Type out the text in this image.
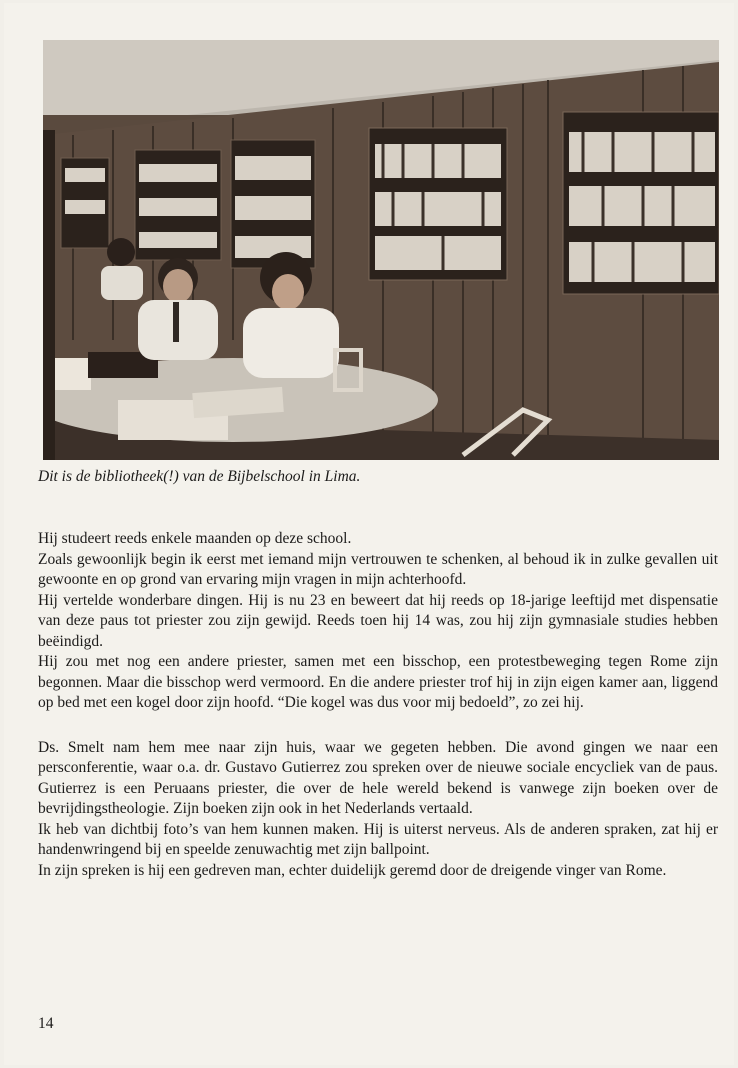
Dit is de bibliotheek(!) van de Bijbelschool in Lima.

Hij studeert reeds enkele maanden op deze school.

Zoals gewoonlijk begin ik eerst met iemand mijn vertrouwen te schenken, al behoud ik in zulke gevallen uit gewoonte en op grond van ervaring mijn vragen in mijn achterhoofd.

Hij vertelde wonderbare dingen. Hij is nu 23 en beweert dat hij reeds op 18-jarige leeftijd met dispensatie van deze paus tot priester zou zijn gewijd. Reeds toen hij 14 was, zou hij zijn gymnasiale studies hebben beëindigd.

Hij zou met nog een andere priester, samen met een bisschop, een protestbeweging tegen Rome zijn begonnen. Maar die bisschop werd vermoord. En die andere priester trof hij in zijn eigen kamer aan, liggend op bed met een kogel door zijn hoofd. “Die kogel was dus voor mij bedoeld”, zo zei hij.

Ds. Smelt nam hem mee naar zijn huis, waar we gegeten hebben. Die avond gingen we naar een persconferentie, waar o.a. dr. Gustavo Gutierrez zou spreken over de nieuwe sociale encycliek van de paus. Gutierrez is een Peruaans priester, die over de hele wereld bekend is vanwege zijn boeken over de bevrijdingstheologie. Zijn boeken zijn ook in het Nederlands vertaald.

Ik heb van dichtbij foto’s van hem kunnen maken. Hij is uiterst nerveus. Als de anderen spraken, zat hij er handenwringend bij en speelde zenuwachtig met zijn ballpoint.

In zijn spreken is hij een gedreven man, echter duidelijk geremd door de dreigende vinger van Rome.

14
